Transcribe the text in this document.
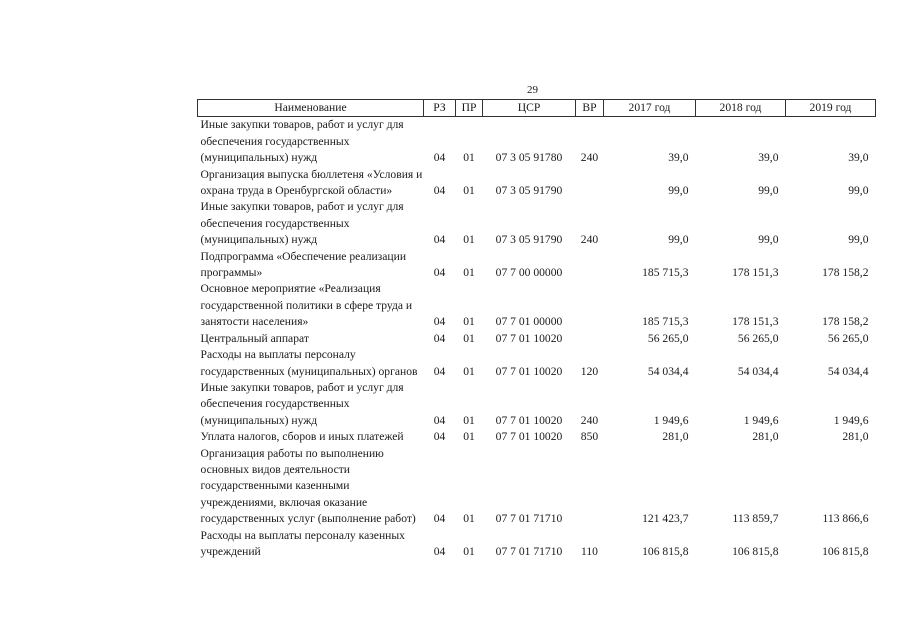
29
Наименование	РЗ	ПР	ЦСР	ВР	2017 год	2018 год	2019 год
Иные закупки товаров, работ и услуг для обеспечения государственных (муниципальных) нужд	04	01	07 3 05 91780	240	39,0	39,0	39,0
Организация выпуска бюллетеня «Условия и охрана труда в Оренбургской области»	04	01	07 3 05 91790		99,0	99,0	99,0
Иные закупки товаров, работ и услуг для обеспечения государственных (муниципальных) нужд	04	01	07 3 05 91790	240	99,0	99,0	99,0
Подпрограмма «Обеспечение реализации программы»	04	01	07 7 00 00000		185 715,3	178 151,3	178 158,2
Основное мероприятие «Реализация государственной политики в сфере труда и занятости населения»	04	01	07 7 01 00000		185 715,3	178 151,3	178 158,2
Центральный аппарат	04	01	07 7 01 10020		56 265,0	56 265,0	56 265,0
Расходы на выплаты персоналу государственных (муниципальных) органов	04	01	07 7 01 10020	120	54 034,4	54 034,4	54 034,4
Иные закупки товаров, работ и услуг для обеспечения государственных (муниципальных) нужд	04	01	07 7 01 10020	240	1 949,6	1 949,6	1 949,6
Уплата налогов, сборов и иных платежей	04	01	07 7 01 10020	850	281,0	281,0	281,0
Организация работы по выполнению основных видов деятельности государственными казенными учреждениями, включая оказание государственных услуг (выполнение работ)	04	01	07 7 01 71710		121 423,7	113 859,7	113 866,6
Расходы на выплаты персоналу казенных учреждений	04	01	07 7 01 71710	110	106 815,8	106 815,8	106 815,8
